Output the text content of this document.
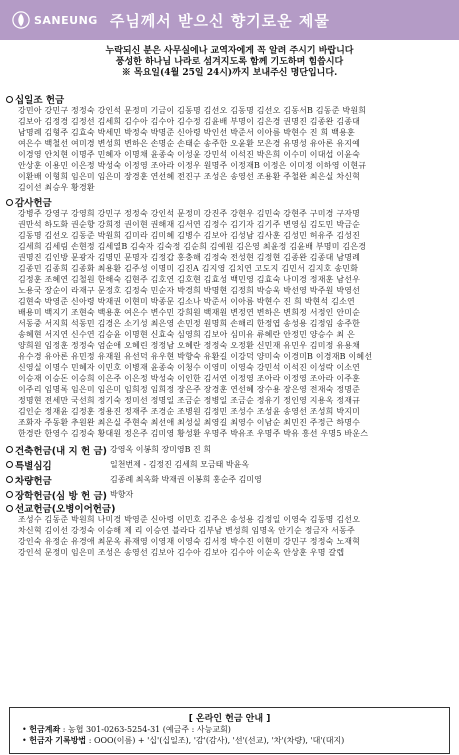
SANEUNG 주님께서 받으신 향기로운 제물
누락되신 분은 사무실에나 교역자에게 꼭 알려 주시기 바랍니다
풍성한 하나님 나라로 섬겨지도록 함께 기도하며 힘씁시다
※ 목요일(4월 25일 24시)까지 보내주신 명단입니다.
십일조 헌금
강민아 강민구 정정숙 강인석 문정미 기금이 김동명 김선오 김동명 김선오 김동서B 김동준 박원희
김보아 김정경 김정선 김세희 김수아 김수아 김수정 김윤배 부명이 김은경 권명진 김종완 김종대
남명례 김형주 김효숙 박세민 박정숙 박명준 신아령 박인선 박준서 이아름 박현수 진 희 백용훈
여은수 백철선 여미경 변성희 변하은 손명순 손태순 송주한 오윤환 모은경 유명성 유아론 유지예
이경영 안치현 이명주 민혜자 이명채 윤종숙 이성윤 강민석 이석진 박은희 이수미 이대섭 이윤숙
안상훈 이용민 이은정 박성숙 이정영 조아라 이정우 원명주 이정재B 이정은 이미정 이하영 이현규
이환배 이형희 임은미 임은미 장경훈 연선혜 전진구 조성은 송영선 조용환 주철완 최은실 차신혁
김이선 최승우 황경환
감사헌금
강병주 강영구 강영희 강민구 정정숙 강인석 문정미 강진주 강현우 김민숙 강현주 구미경 구자명
권만석 하도화 권순향 강희정 권이현 권해재 김서연 김정수 김기자 김기주 변영심 김도민 박금순
김동명 김선오 김동준 박원희 김미라 김미혜 김병수 김보아 김성남 김사훈 김성민 허유주 김성진
김세희 김세림 손현정 김세열B 김숙자 김숙정 김순희 김예원 김은영 최윤정 김윤배 부명미 김은경
권명진 김인방 문광자 김명민 문명자 김정갑 홍충해 김정숙 전성현 김정현 김종완 김종대 남명례
김종민 김종희 김종화 최용환 김주성 이명미 김진A 김지영 김치연 고도지 김민서 김지호 송민화
김정훈 조혜연 김철원 한해숙 김현주 김호연 김호현 김효성 백민영 김효숙 나미경 정재훈 남선우
노용국 장순이 라재구 문정호 김정숙 민순자 박경희 박명현 김정희 박승욱 박선영 박주원 박영선
김현숙 박영준 신아령 박재권 이현미 박종문 김소나 박준서 이아름 박현수 진 희 박현석 김소연
배용미 백지기 조현숙 백용훈 여은수 변수민 강희원 백재원 변정연 변하은 변희정 서정인 안미순
서동중 서지희 석동민 김경은 소기성 최은영 손민정 원명희 손해리 한정엽 송성용 김정임 송주한
송혜현 서지연 신수연 김승윤 이명현 신효숙 심영희 김보아 심미유 류혜란 안정민 양승수 최 은
양희원 임정훈 정정숙 엄순애 오혜린 정정남 오혜란 정정숙 오정환 신민재 유민우 김미정 유용채
유수경 유아론 유민정 유재원 유선덕 유우현 박향숙 유환길 이강덕 양미숙 이경미B 이경재B 이혜선
신영실 이명수 민혜자 이민호 이병재 윤종숙 이청수 이영미 이영숙 강민석 이석진 이성락 이소연
이승재 이승돈 이승희 이은주 이은정 박성숙 이인한 김서연 이정영 조아라 이정영 조아라 이주훈
이주리 임명록 임은미 임은미 임희정 임희정 장은주 장경훈 연선혜 장수용 장은영 전재숙 정명준
정명현 전세만 국선희 정기숙 정미선 정명일 조금순 정병일 조금순 정유기 정인영 지용옥 정재규
김인순 정재윤 김정훈 정용진 정재주 조경순 조병원 김정민 조성수 조성윤 송영선 조성희 박지미
조화자 주동환 추원완 최은실 주현숙 최선애 최성실 최영길 최영수 이남순 최민진 주정근 하명수
한경란 한영수 김정숙 황대원 정은주 김미영 황성환 우명주 박유조 우명주 박유 흥선 우명5 바운스
건축헌금(내 지 헌 금) 강영옥 이봉희 장미영B 진 희
특별심김	일천번제 - 김정진 김세희 모금태 박윤옥
차량헌금	김종례 최옥화 박재권 이봉희 홍순주 김미영
장학헌금(심 방 헌 금) 박향자
선교헌금(오병이어헌금)
조성수 김동준 박원희 나미경 박영준 신아령 이민호 김주은 송성용 김정일 이영숙 김동명 김선오
차신혁 김이선 강정숙 이승해 제 리 이승연 블라다 김부남 변성희 임명옥 안기순 정금자 서동주
강인숙 유정순 유경애 최문옥 류재영 이영재 이영숙 김서정 박수진 이현미 강민구 정정숙 노재혁
강인석 문정미 임은미 조성은 송영선 김보아 김수아 김보아 김수아 이순옥 안상훈 우명 갈렙
[ 온라인 헌금 안내 ]
• 헌금계좌 : 농협 301-0263-5254-31 (예금주 : 사능교회)
• 헌금자 기록방법 : OOO(이름) + '십'(십일조), '감'(감사), '선'(선교), '차'(차량), '대'(대지)
